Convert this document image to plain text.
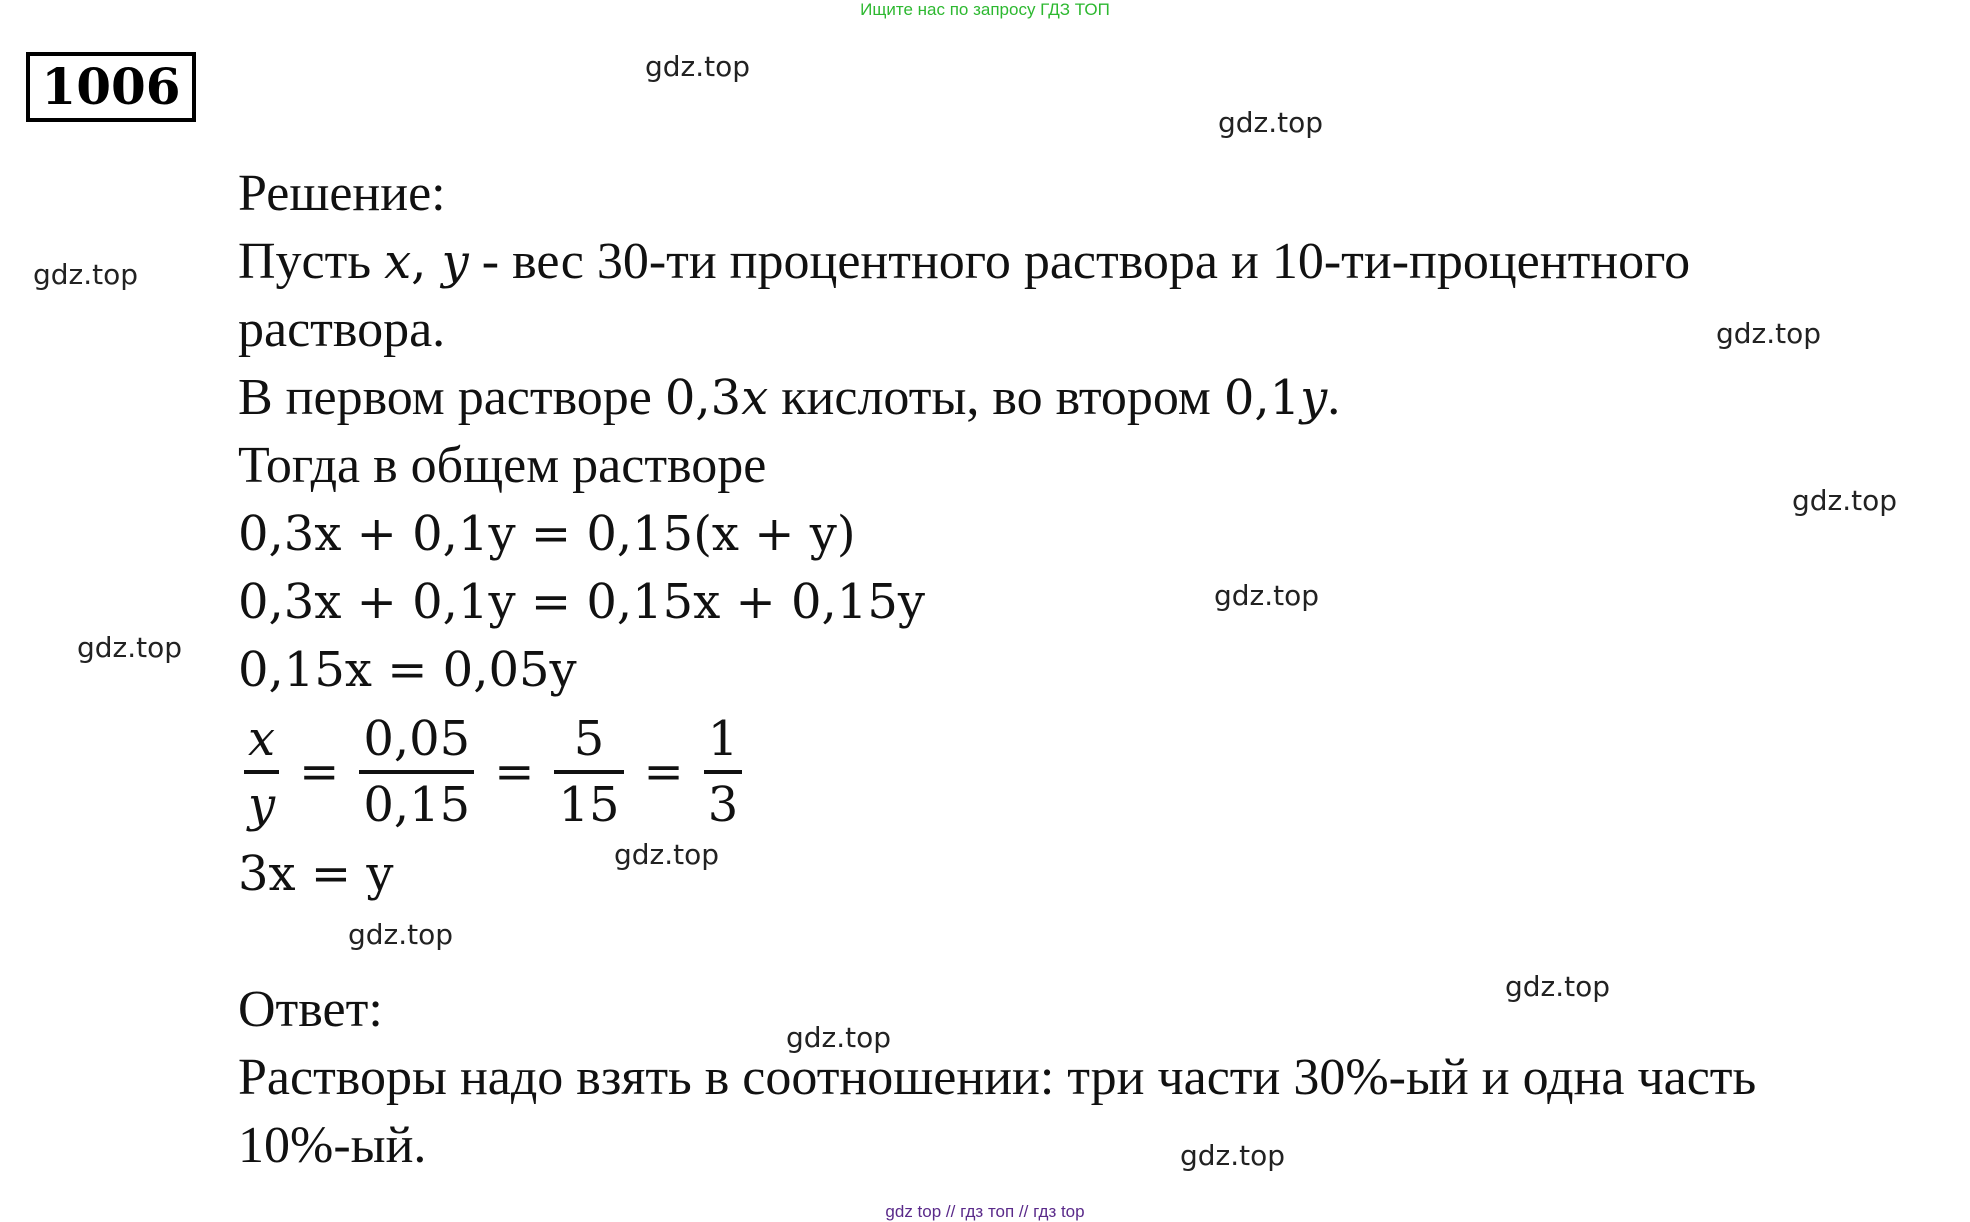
Ищите нас по запросу ГДЗ ТОП
1006	gdz.top
gdz.top
gdz.top
gdz.top
gdz.top
gdz.top
gdz.top
gdz.top
gdz.top
gdz.top
gdz.top
gdz.top
Решение:
Пусть x, y - вес 30-ти процентного раствора и 10-ти-процентного
раствора.
В первом растворе 0,3x кислоты, во втором 0,1y.
Тогда в общем растворе
0,3x + 0,1y = 0,15(x + y)
0,3x + 0,1y = 0,15x + 0,15y
0,15x = 0,05y
$\frac{x}{y} = \frac{0,05}{0,15} = \frac{5}{15} = \frac{1}{3}$
3x = y
Ответ:
Растворы надо взять в соотношении: три части 30%-ый и одна часть
10%-ый.
gdz top // гдз топ // гдз top
